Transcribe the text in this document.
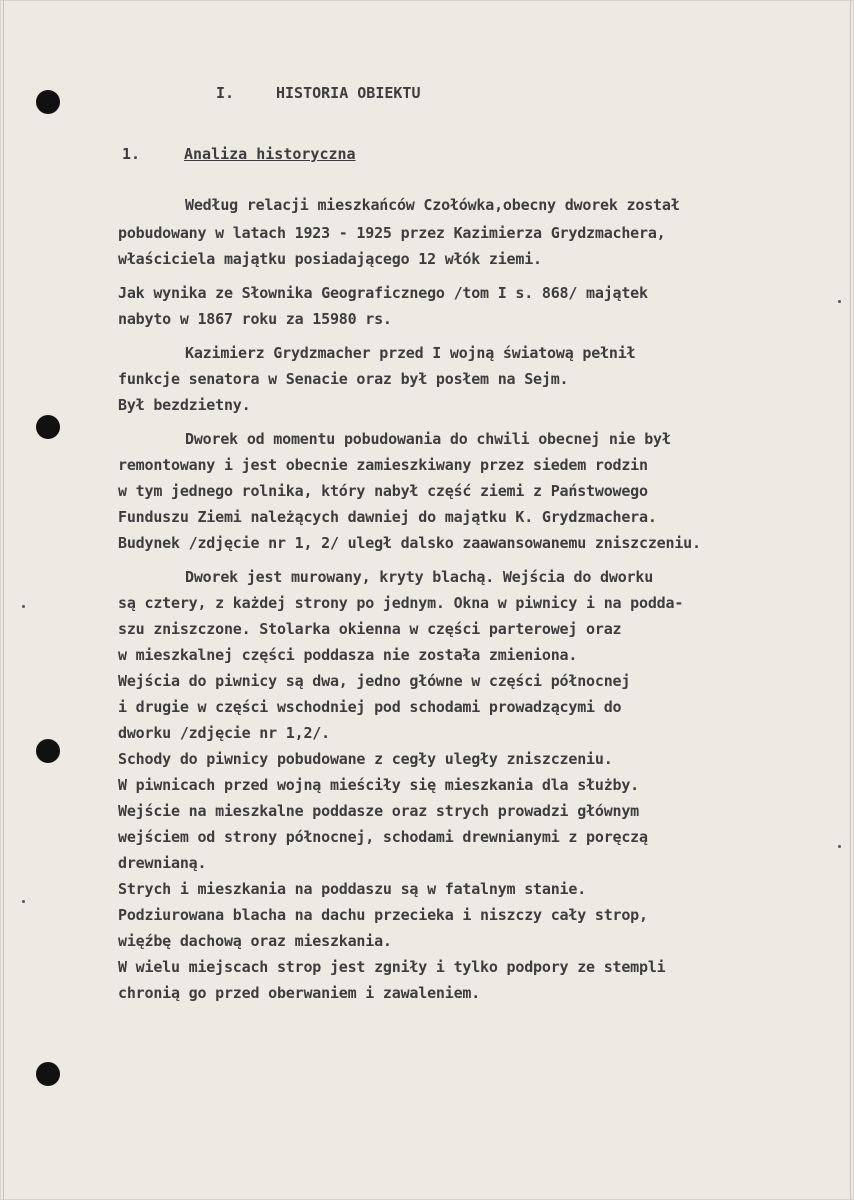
I.	HISTORIA OBIEKTU
1.	Analiza historyczna
Według relacji mieszkańców Czołówka,obecny dworek został
pobudowany w latach 1923 - 1925 przez Kazimierza Grydzmachera,
właściciela majątku posiadającego 12 włók ziemi.
Jak wynika ze Słownika Geograficznego /tom I s. 868/ majątek
nabyto w 1867 roku za 15980 rs.
Kazimierz Grydzmacher przed I wojną światową pełnił
funkcje senatora w Senacie oraz był posłem na Sejm.
Był bezdzietny.
Dworek od momentu pobudowania do chwili obecnej nie był
remontowany i jest obecnie zamieszkiwany przez siedem rodzin
w tym jednego rolnika, który nabył część ziemi z Państwowego
Funduszu Ziemi należących dawniej do majątku K. Grydzmachera.
Budynek /zdjęcie nr 1, 2/ uległ dalsko zaawansowanemu zniszczeniu.
Dworek jest murowany, kryty blachą. Wejścia do dworku
są cztery, z każdej strony po jednym. Okna w piwnicy i na podda-
szu zniszczone. Stolarka okienna w części parterowej oraz
w mieszkalnej części poddasza nie została zmieniona.
Wejścia do piwnicy są dwa, jedno główne w części północnej
i drugie w części wschodniej pod schodami prowadzącymi do
dworku /zdjęcie nr 1,2/.
Schody do piwnicy pobudowane z cegły uległy zniszczeniu.
W piwnicach przed wojną mieściły się mieszkania dla służby.
Wejście na mieszkalne poddasze oraz strych prowadzi głównym
wejściem od strony północnej, schodami drewnianymi z poręczą
drewnianą.
Strych i mieszkania na poddaszu są w fatalnym stanie.
Podziurowana blacha na dachu przecieka i niszczy cały strop,
więźbę dachową oraz mieszkania.
W wielu miejscach strop jest zgniły i tylko podpory ze stempli
chronią go przed oberwaniem i zawaleniem.
